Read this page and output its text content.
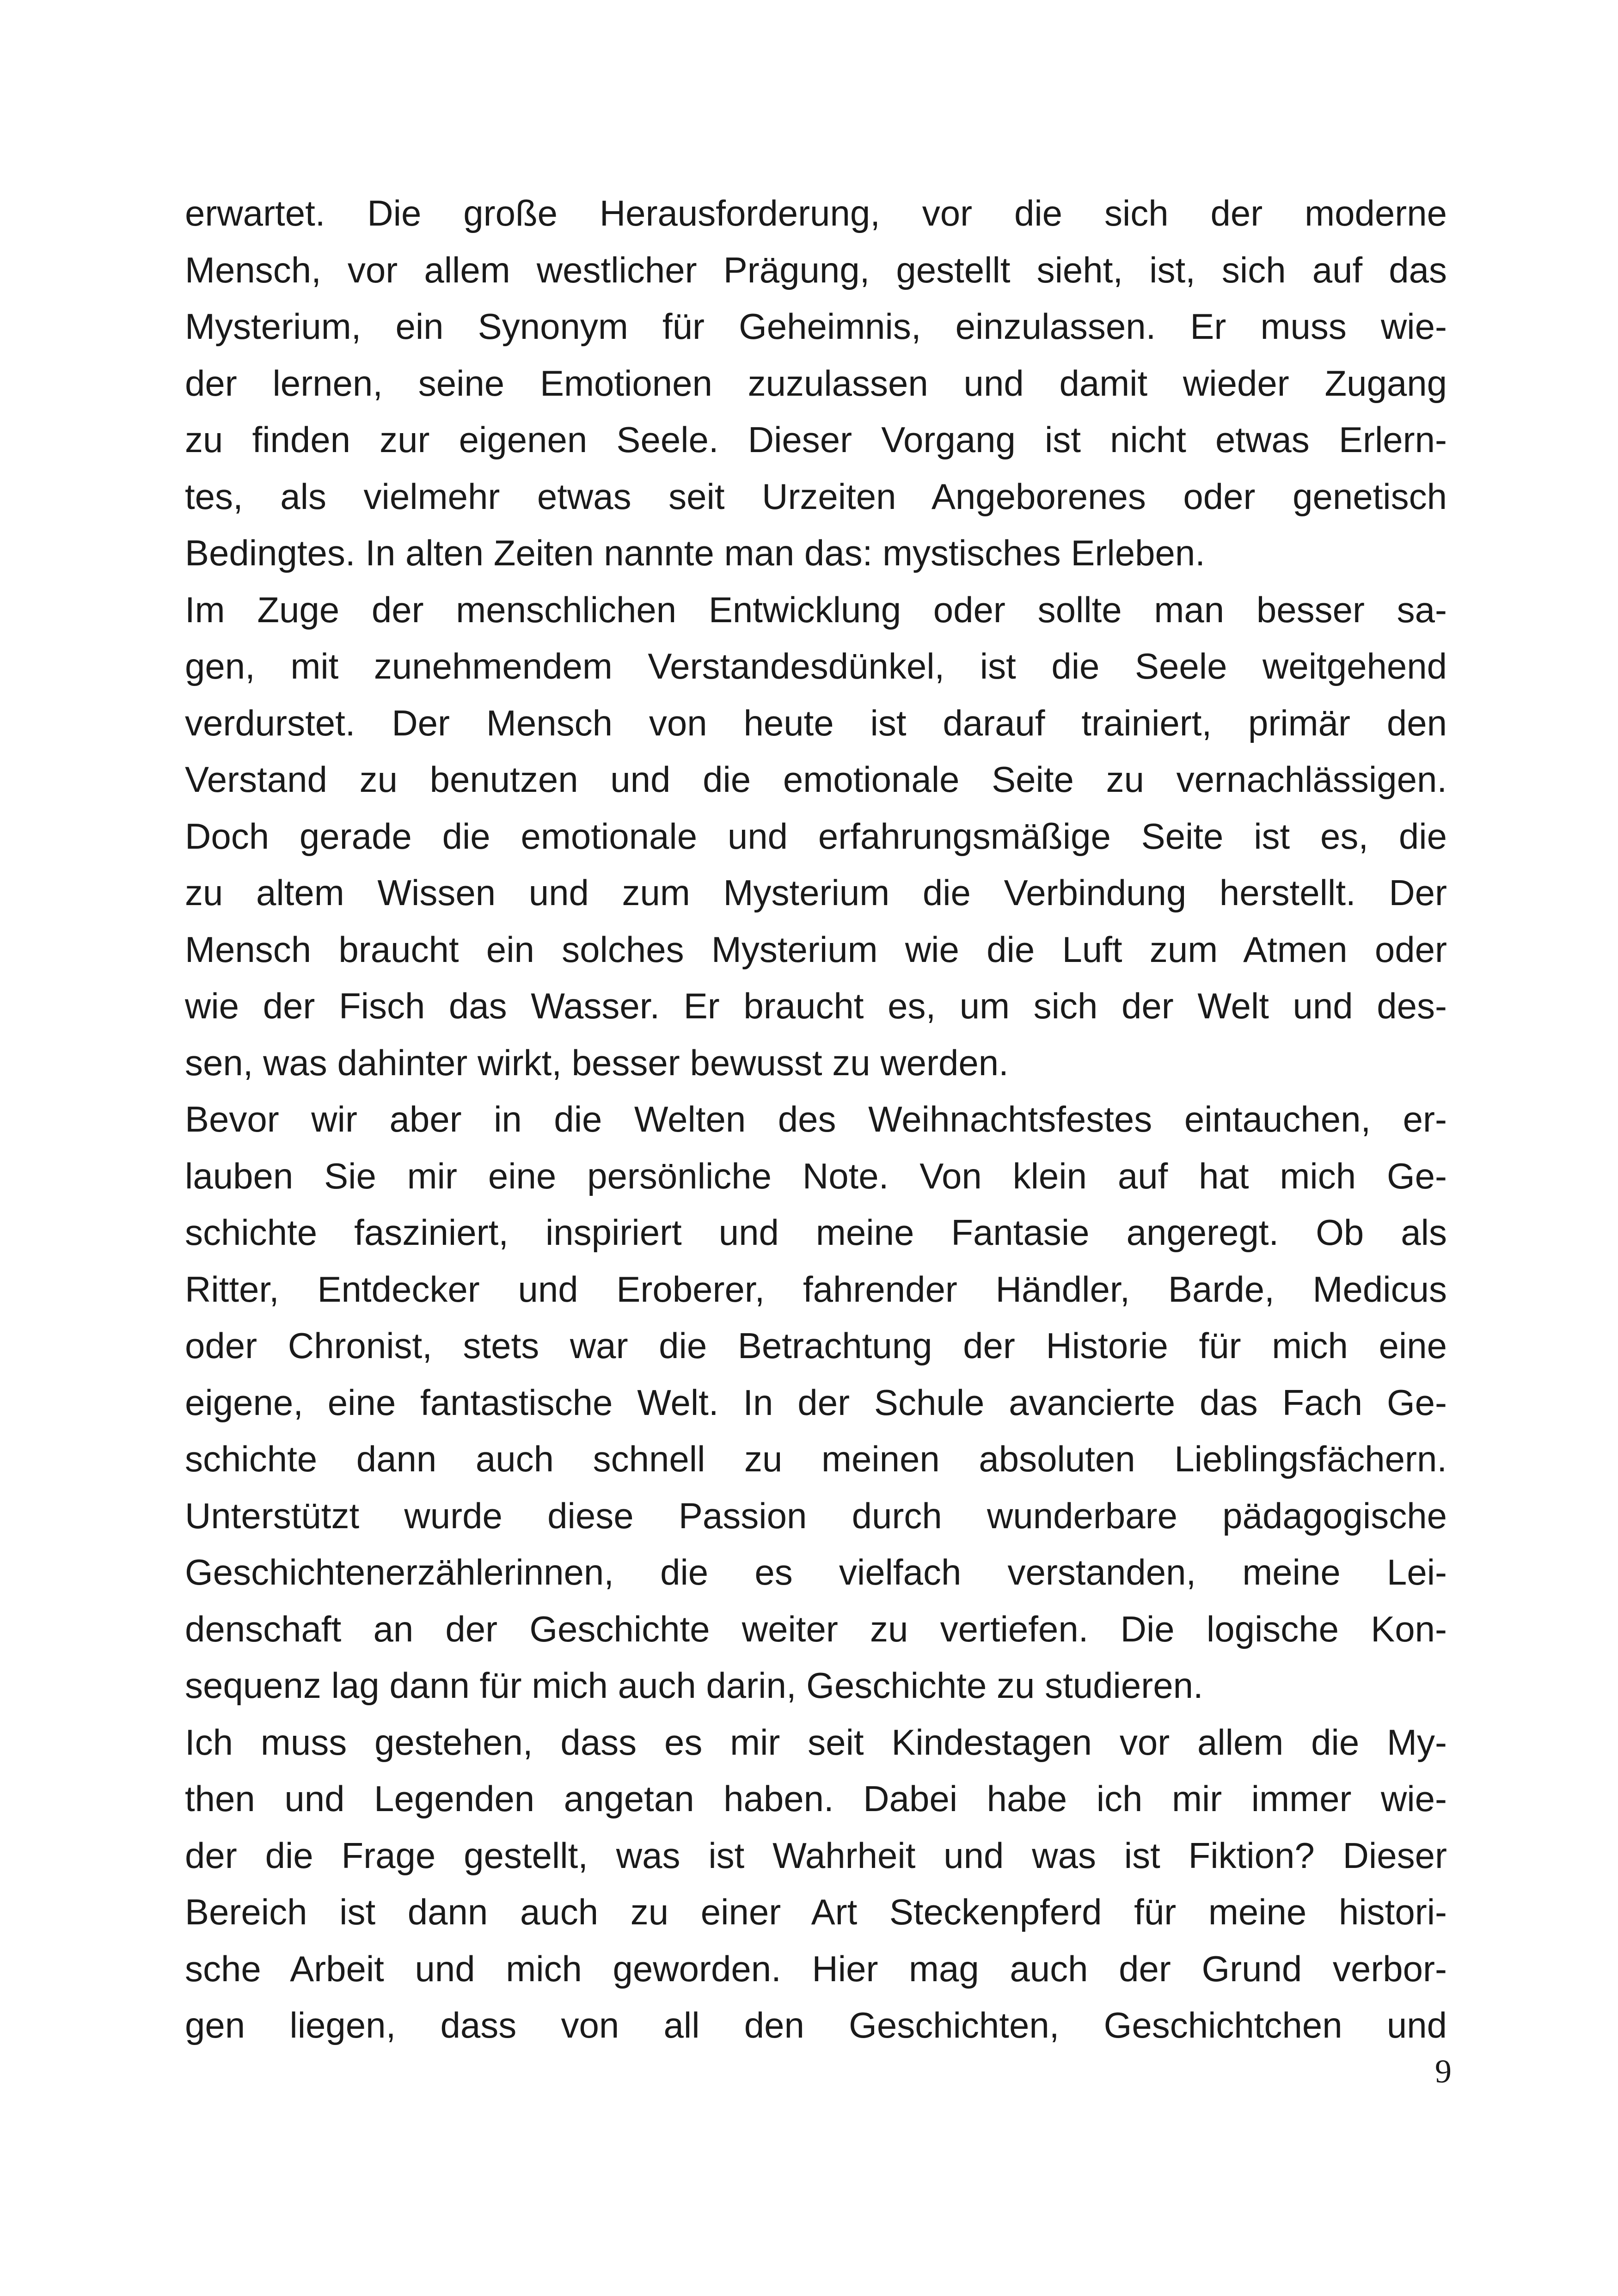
erwartet. Die große Herausforderung, vor die sich der moderne
Mensch, vor allem westlicher Prägung, gestellt sieht, ist, sich auf das
Mysterium, ein Synonym für Geheimnis, einzulassen. Er muss wie-
der lernen, seine Emotionen zuzulassen und damit wieder Zugang
zu finden zur eigenen Seele. Dieser Vorgang ist nicht etwas Erlern-
tes, als vielmehr etwas seit Urzeiten Angeborenes oder genetisch
Bedingtes. In alten Zeiten nannte man das: mystisches Erleben.
Im Zuge der menschlichen Entwicklung oder sollte man besser sa-
gen, mit zunehmendem Verstandesdünkel, ist die Seele weitgehend
verdurstet. Der Mensch von heute ist darauf trainiert, primär den
Verstand zu benutzen und die emotionale Seite zu vernachlässigen.
Doch gerade die emotionale und erfahrungsmäßige Seite ist es, die
zu altem Wissen und zum Mysterium die Verbindung herstellt. Der
Mensch braucht ein solches Mysterium wie die Luft zum Atmen oder
wie der Fisch das Wasser. Er braucht es, um sich der Welt und des-
sen, was dahinter wirkt, besser bewusst zu werden.
Bevor wir aber in die Welten des Weihnachtsfestes eintauchen, er-
lauben Sie mir eine persönliche Note. Von klein auf hat mich Ge-
schichte fasziniert, inspiriert und meine Fantasie angeregt. Ob als
Ritter, Entdecker und Eroberer, fahrender Händler, Barde, Medicus
oder Chronist, stets war die Betrachtung der Historie für mich eine
eigene, eine fantastische Welt. In der Schule avancierte das Fach Ge-
schichte dann auch schnell zu meinen absoluten Lieblingsfächern.
Unterstützt wurde diese Passion durch wunderbare pädagogische
Geschichtenerzählerinnen, die es vielfach verstanden, meine Lei-
denschaft an der Geschichte weiter zu vertiefen. Die logische Kon-
sequenz lag dann für mich auch darin, Geschichte zu studieren.
Ich muss gestehen, dass es mir seit Kindestagen vor allem die My-
then und Legenden angetan haben. Dabei habe ich mir immer wie-
der die Frage gestellt, was ist Wahrheit und was ist Fiktion? Dieser
Bereich ist dann auch zu einer Art Steckenpferd für meine histori-
sche Arbeit und mich geworden. Hier mag auch der Grund verbor-
gen liegen, dass von all den Geschichten, Geschichtchen und
9
